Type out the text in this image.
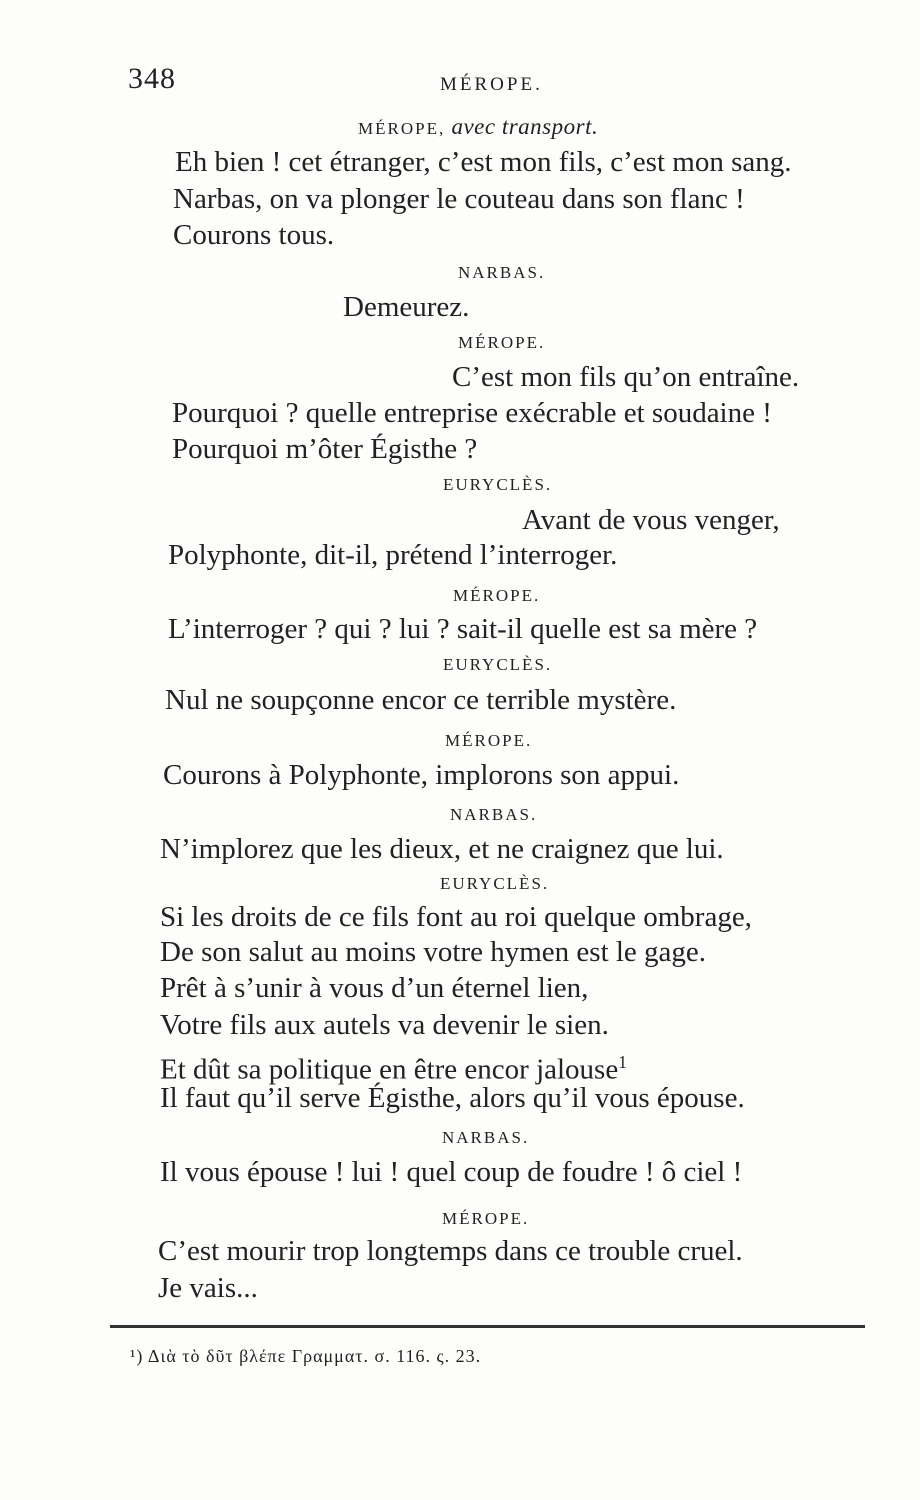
348	MÉROPE.
MÉROPE, avec transport.
Eh bien ! cet étranger, c’est mon fils, c’est mon sang.
Narbas, on va plonger le couteau dans son flanc !
Courons tous.
NARBAS.
Demeurez.
MÉROPE.
C’est mon fils qu’on entraîne.
Pourquoi ? quelle entreprise exécrable et soudaine !
Pourquoi m’ôter Égisthe ?
EURYCLÈS.
Avant de vous venger,
Polyphonte, dit-il, prétend l’interroger.
MÉROPE.
L’interroger ? qui ? lui ? sait-il quelle est sa mère ?
EURYCLÈS.
Nul ne soupçonne encor ce terrible mystère.
MÉROPE.
Courons à Polyphonte, implorons son appui.
NARBAS.
N’implorez que les dieux, et ne craignez que lui.
EURYCLÈS.
Si les droits de ce fils font au roi quelque ombrage,
De son salut au moins votre hymen est le gage.
Prêt à s’unir à vous d’un éternel lien,
Votre fils aux autels va devenir le sien.
Et dût sa politique en être encor jalouse$^1$
Il faut qu’il serve Égisthe, alors qu’il vous épouse.
NARBAS.
Il vous épouse ! lui ! quel coup de foudre ! ô ciel !
MÉROPE.
C’est mourir trop longtemps dans ce trouble cruel.
Je vais...
¹) Διὰ τὸ δῦτ βλέπε Γραμματ. σ. 116. ς. 23.
